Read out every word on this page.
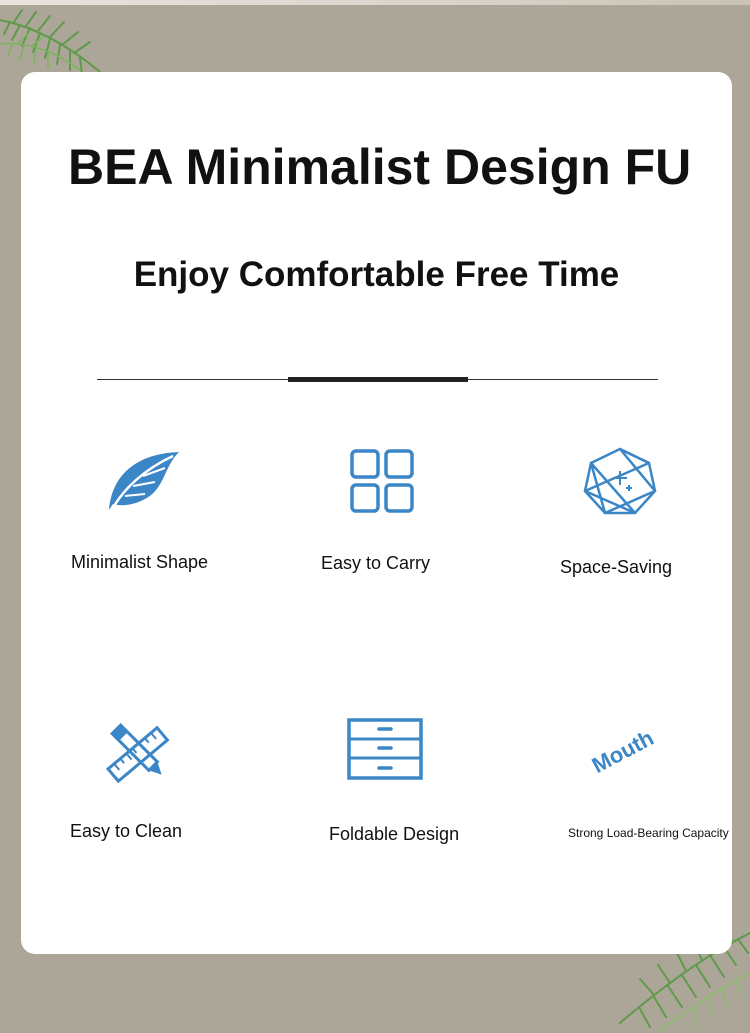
BEA Minimalist Design FU
Enjoy Comfortable Free Time
Minimalist Shape	Easy to Carry	Space-Saving
Easy to Clean	Foldable Design
Mouth
Strong Load-Bearing Capacity
